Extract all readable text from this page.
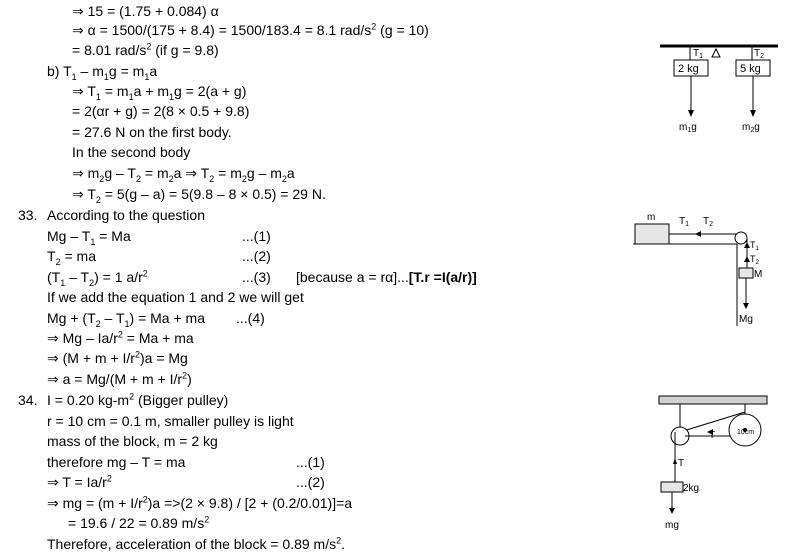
⇒ 15 = (1.75 + 0.084) α
⇒ α = 1500/(175 + 8.4) = 1500/183.4 = 8.1 rad/$s^2$ (g = 10)
= 8.01 rad/$s^2$ (if g = 9.8)
b) $T_1 - m_1g = m_1a$
⇒ $T_1 = m_1a + m_1g = 2(a + g)$
= 2(αr + g) = 2(8 × 0.5 + 9.8)
= 27.6 N on the first body.
In the second body
⇒ $m_2g - T_2 = m_2a$ ⇒ $T_2 = m_2g - m_2a$
⇒ $T_2 = 5(g - a) = 5(9.8 - 8 \times 0.5) = 29$ N.
33. According to the question
$Mg - T_1 = Ma$	...(1)
$T_2$ = ma	...(2)
$(T_1 - T_2) = 1$ $a/r^2$	...(3) [because a = rα]...[T.r =I(a/r)]
If we add the equation 1 and 2 we will get
$Mg + (T_2 - T_1) = Ma$ + ma ...(4)
⇒ $Mg - Ia/r^2 = Ma$ + ma
⇒ $(M + m + I/r^2)a = Mg$
⇒ $a = Mg/(M + m + I/r^2)$
34. I = 0.20 $kg-m^2$ (Bigger pulley)
r = 10 cm = 0.1 m, smaller pulley is light
mass of the block, m = 2 kg
therefore mg – T = ma	...(1)
⇒ $T = Ia/r^2$	...(2)
⇒ mg = $(m + I/r^2)a =>(2 \times 9.8) / [2 + (0.2/0.01)]=a$
= 19.6 / 22 = 0.89 $m/s^2$
Therefore, acceleration of the block = 0.89 $m/s^2$.
$T_1$	$T_2$
2 kg	5 kg
$m_1g$	$m_2g$
m $T_1$ $T_2$
$T_1$
$T_2$
M
Mg
10cm
T
T
2kg
mg
